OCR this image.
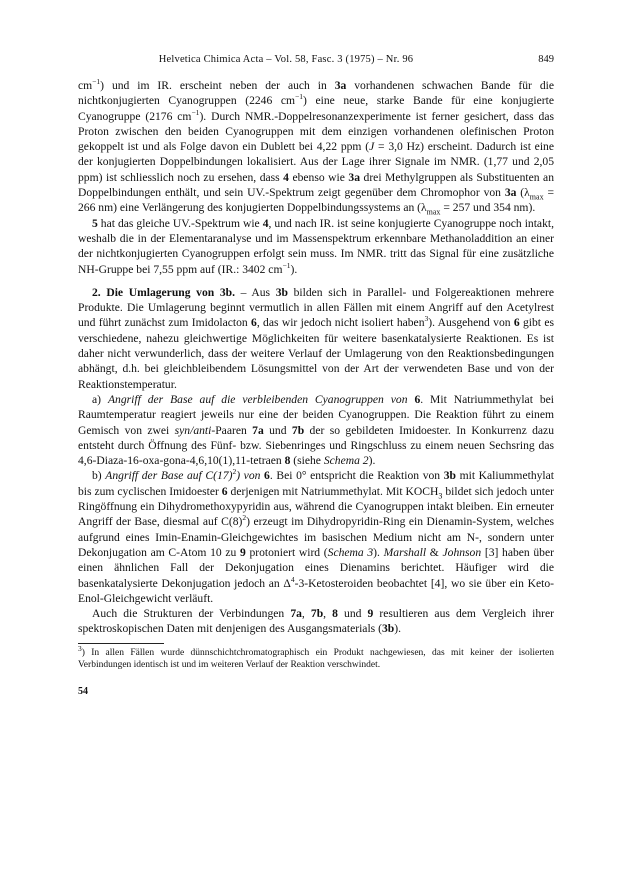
Helvetica Chimica Acta – Vol. 58, Fasc. 3 (1975) – Nr. 96	849

$cm^{-1}$) und im IR. erscheint neben der auch in 3a vorhandenen schwachen Bande für die nichtkonjugierten Cyanogruppen (2246 $cm^{-1}$) eine neue, starke Bande für eine konjugierte Cyanogruppe (2176 $cm^{-1}$). Durch NMR.-Doppelresonanzexperimente ist ferner gesichert, dass das Proton zwischen den beiden Cyanogruppen mit dem einzigen vorhandenen olefinischen Proton gekoppelt ist und als Folge davon ein Dublett bei 4,22 ppm (J = 3,0 Hz) erscheint. Dadurch ist eine der konjugierten Doppelbindungen lokalisiert. Aus der Lage ihrer Signale im NMR. (1,77 und 2,05 ppm) ist schliesslich noch zu ersehen, dass 4 ebenso wie 3a drei Methylgruppen als Substituenten an Doppelbindungen enthält, und sein UV.-Spektrum zeigt gegenüber dem Chromophor von 3a ($\lambda_{max} = 266$ nm) eine Verlängerung des konjugierten Doppelbindungssystems an ($\lambda_{max} = 257$ und 354 nm).

5 hat das gleiche UV.-Spektrum wie 4, und nach IR. ist seine konjugierte Cyanogruppe noch intakt, weshalb die in der Elementaranalyse und im Massenspektrum erkennbare Methanoladdition an einer der nichtkonjugierten Cyanogruppen erfolgt sein muss. Im NMR. tritt das Signal für eine zusätzliche NH-Gruppe bei 7,55 ppm auf (IR.: 3402 $cm^{-1}$).

2. Die Umlagerung von 3b. – Aus 3b bilden sich in Parallel- und Folgereaktionen mehrere Produkte. Die Umlagerung beginnt vermutlich in allen Fällen mit einem Angriff auf den Acetylrest und führt zunächst zum Imidolacton 6, das wir jedoch nicht isoliert haben$^3$). Ausgehend von 6 gibt es verschiedene, nahezu gleichwertige Möglichkeiten für weitere basenkatalysierte Reaktionen. Es ist daher nicht verwunderlich, dass der weitere Verlauf der Umlagerung von den Reaktionsbedingungen abhängt, d.h. bei gleichbleibendem Lösungsmittel von der Art der verwendeten Base und von der Reaktionstemperatur.

a) Angriff der Base auf die verbleibenden Cyanogruppen von 6. Mit Natriummethylat bei Raumtemperatur reagiert jeweils nur eine der beiden Cyanogruppen. Die Reaktion führt zu einem Gemisch von zwei syn/anti-Paaren 7a und 7b der so gebildeten Imidoester. In Konkurrenz dazu entsteht durch Öffnung des Fünf- bzw. Siebenringes und Ringschluss zu einem neuen Sechsring das 4,6-Diaza-16-oxa-gona-4,6,10(1),11-tetraen 8 (siehe Schema 2).

b) Angriff der Base auf $C(17)^2$) von 6. Bei 0° entspricht die Reaktion von 3b mit Kaliummethylat bis zum cyclischen Imidoester 6 derjenigen mit Natriummethylat. Mit $KOCH_3$ bildet sich jedoch unter Ringöffnung ein Dihydromethoxypyridin aus, während die Cyanogruppen intakt bleiben. Ein erneuter Angriff der Base, diesmal auf $C(8)^2$) erzeugt im Dihydropyridin-Ring ein Dienamin-System, welches aufgrund eines Imin-Enamin-Gleichgewichtes im basischen Medium nicht am N-, sondern unter Dekonjugation am C-Atom 10 zu 9 protoniert wird (Schema 3). Marshall & Johnson [3] haben über einen ähnlichen Fall der Dekonjugation eines Dienamins berichtet. Häufiger wird die basenkatalysierte Dekonjugation jedoch an $\Delta^4-3$-Ketosteroiden beobachtet [4], wo sie über ein Keto-Enol-Gleichgewicht verläuft.

Auch die Strukturen der Verbindungen 7a, 7b, 8 und 9 resultieren aus dem Vergleich ihrer spektroskopischen Daten mit denjenigen des Ausgangsmaterials (3b).

$^3$) In allen Fällen wurde dünnschichtchromatographisch ein Produkt nachgewiesen, das mit keiner der isolierten Verbindungen identisch ist und im weiteren Verlauf der Reaktion verschwindet.

54
